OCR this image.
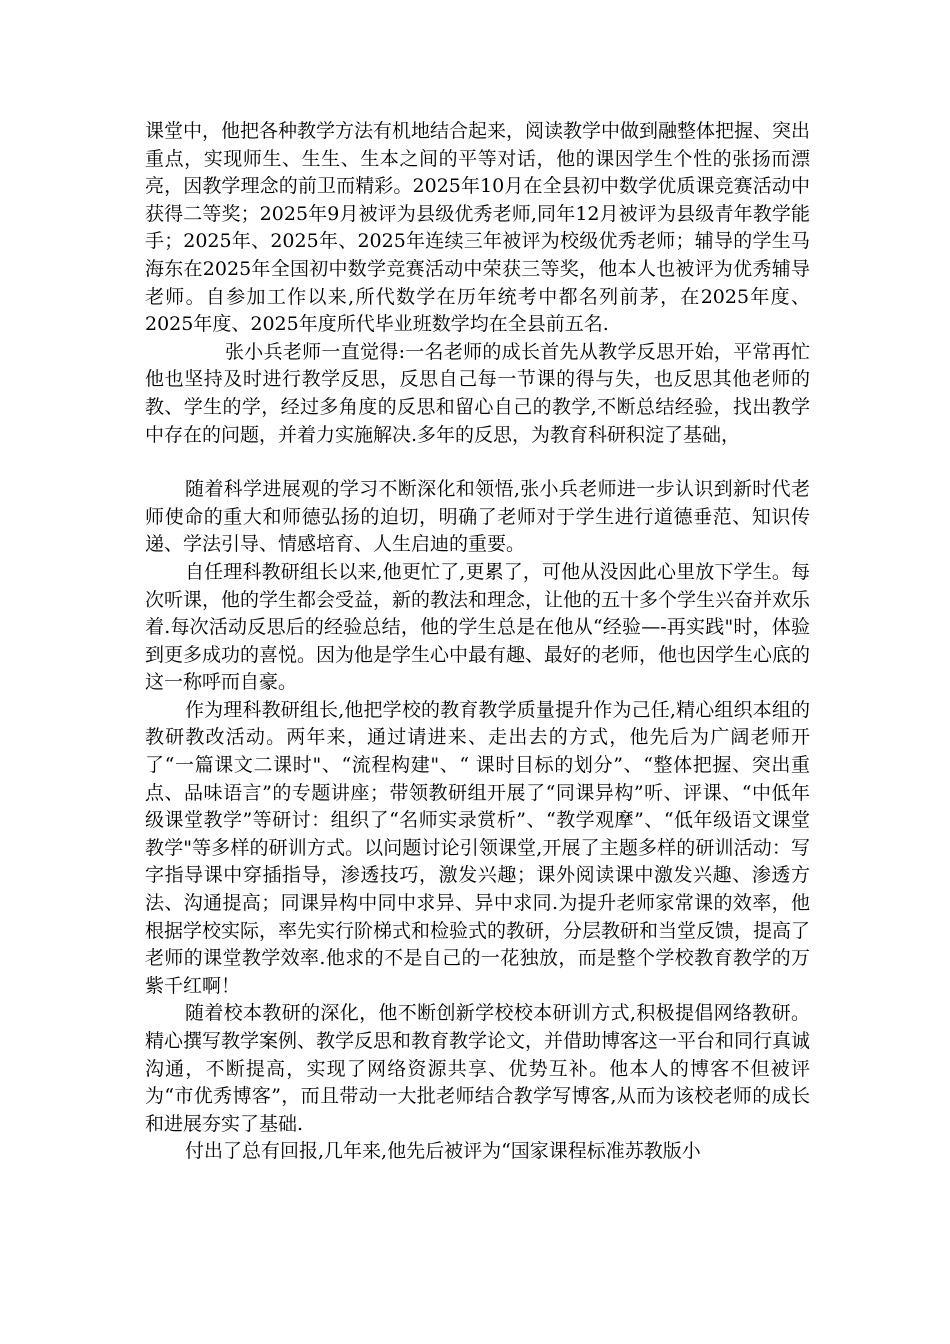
课堂中，他把各种教学方法有机地结合起来，阅读教学中做到融整体把握、突出重点，实现师生、生生、生本之间的平等对话，他的课因学生个性的张扬而漂亮，因教学理念的前卫而精彩。2025年10月在全县初中数学优质课竞赛活动中获得二等奖；2025年9月被评为县级优秀老师,同年12月被评为县级青年教学能手；2025年、2025年、2025年连续三年被评为校级优秀老师；辅导的学生马海东在2025年全国初中数学竞赛活动中荣获三等奖，他本人也被评为优秀辅导老师。自参加工作以来,所代数学在历年统考中都名列前茅，在2025年度、2025年度、2025年度所代毕业班数学均在全县前五名.

张小兵老师一直觉得:一名老师的成长首先从教学反思开始，平常再忙他也坚持及时进行教学反思，反思自己每一节课的得与失，也反思其他老师的教、学生的学，经过多角度的反思和留心自己的教学,不断总结经验，找出教学中存在的问题，并着力实施解决.多年的反思，为教育科研积淀了基础，

随着科学进展观的学习不断深化和领悟,张小兵老师进一步认识到新时代老师使命的重大和师德弘扬的迫切，明确了老师对于学生进行道德垂范、知识传递、学法引导、情感培育、人生启迪的重要。

自任理科教研组长以来,他更忙了,更累了，可他从没因此心里放下学生。每次听课，他的学生都会受益，新的教法和理念，让他的五十多个学生兴奋并欢乐着.每次活动反思后的经验总结，他的学生总是在他从“经验—-再实践"时，体验到更多成功的喜悦。因为他是学生心中最有趣、最好的老师，他也因学生心底的这一称呼而自豪。

作为理科教研组长,他把学校的教育教学质量提升作为己任,精心组织本组的教研教改活动。两年来，通过请进来、走出去的方式，他先后为广阔老师开了“一篇课文二课时"、“流程构建"、“ 课时目标的划分”、“整体把握、突出重点、品味语言”的专题讲座；带领教研组开展了“同课异构”听、评课、“中低年级课堂教学”等研讨：组织了“名师实录赏析”、“教学观摩”、“低年级语文课堂教学"等多样的研训方式。以问题讨论引领课堂,开展了主题多样的研训活动：写字指导课中穿插指导，渗透技巧，激发兴趣；课外阅读课中激发兴趣、渗透方法、沟通提高；同课异构中同中求异、异中求同.为提升老师家常课的效率，他根据学校实际，率先实行阶梯式和检验式的教研，分层教研和当堂反馈，提高了老师的课堂教学效率.他求的不是自己的一花独放，而是整个学校教育教学的万紫千红啊！

随着校本教研的深化，他不断创新学校校本研训方式,积极提倡网络教研。精心撰写教学案例、教学反思和教育教学论文，并借助博客这一平台和同行真诚沟通，不断提高，实现了网络资源共享、优势互补。他本人的博客不但被评为“市优秀博客”，而且带动一大批老师结合教学写博客,从而为该校老师的成长和进展夯实了基础.

付出了总有回报,几年来,他先后被评为“国家课程标准苏教版小
